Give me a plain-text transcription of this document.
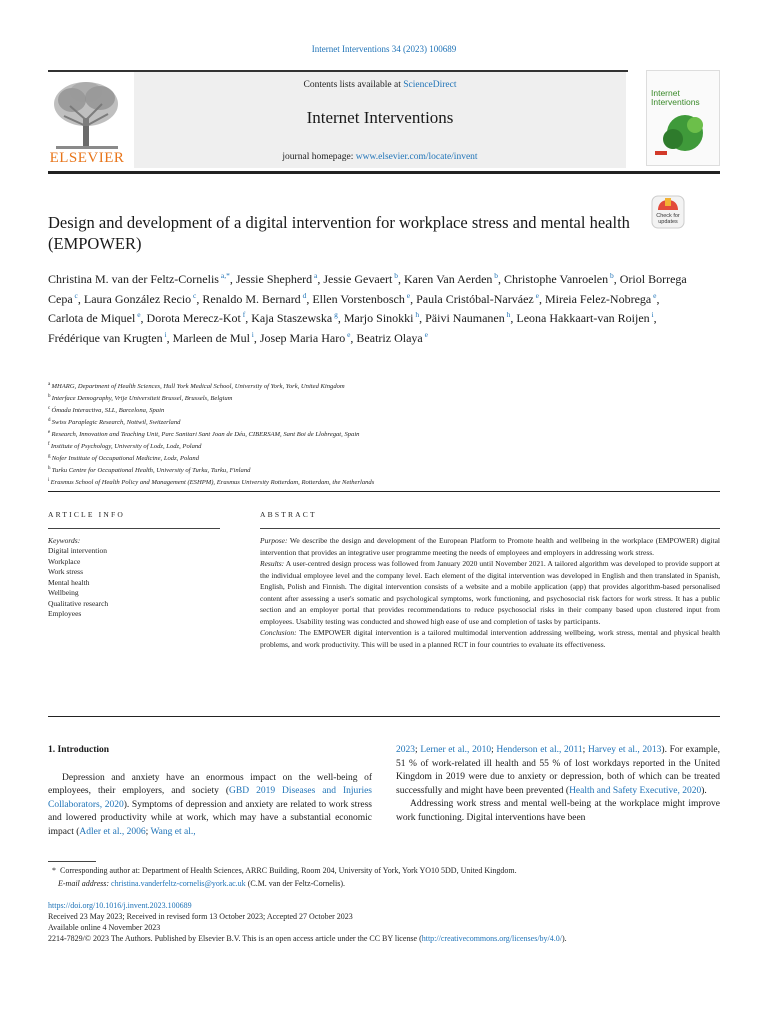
Internet Interventions 34 (2023) 100689
ELSEVIER
Contents lists available at ScienceDirect
Internet Interventions
journal homepage: www.elsevier.com/locate/invent
Internet
Interventions
Design and development of a digital intervention for workplace stress and mental health (EMPOWER)
Check for
updates
Christina M. van der Feltz-Cornelis $^{a,*}$, Jessie Shepherd $^a$, Jessie Gevaert $^b$, Karen Van Aerden $^b$, Christophe Vanroelen $^b$, Oriol Borrega Cepa $^c$, Laura González Recio $^c$, Renaldo M. Bernard $^d$, Ellen Vorstenbosch $^e$, Paula Cristóbal-Narváez $^e$, Mireia Felez-Nobrega $^e$, Carlota de Miquel $^e$, Dorota Merecz-Kot $^f$, Kaja Staszewska $^g$, Marjo Sinokki $^h$, Päivi Naumanen $^h$, Leona Hakkaart-van Roijen $^i$, Frédérique van Krugten $^i$, Marleen de Mul $^i$, Josep Maria Haro $^e$, Beatriz Olaya $^e$
$^a$ MHARG, Department of Health Sciences, Hull York Medical School, University of York, York, United Kingdom
$^b$ Interface Demography, Vrije Universiteit Brussel, Brussels, Belgium
$^c$ Ómada Interactiva, SLL, Barcelona, Spain
$^d$ Swiss Paraplegic Research, Nottwil, Switzerland
$^e$ Research, Innovation and Teaching Unit, Parc Sanitari Sant Joan de Déu, CIBERSAM, Sant Boi de Llobregat, Spain
$^f$ Institute of Psychology, University of Lodz, Lodz, Poland
$^g$ Nofer Institute of Occupational Medicine, Lodz, Poland
$^h$ Turku Centre for Occupational Health, University of Turku, Turku, Finland
$^i$ Erasmus School of Health Policy and Management (ESHPM), Erasmus University Rotterdam, Rotterdam, the Netherlands
ARTICLE INFO	ABSTRACT
Keywords:
Digital intervention
Workplace
Work stress
Mental health
Wellbeing
Qualitative research
Employees

Purpose: We describe the design and development of the European Platform to Promote health and wellbeing in the workplace (EMPOWER) digital intervention that provides an integrative user programme meeting the needs of employees and employers in addressing work stress.

Results: A user-centred design process was followed from January 2020 until November 2021. A tailored algorithm was developed to provide support at the individual employee level and the company level. Each element of the digital intervention was developed in English and then translated in Spanish, English, Polish and Finnish. The digital intervention consists of a website and a mobile application (app) that provides algorithm-based personalised content after assessing a user's somatic and psychological symptoms, work functioning, and psychosocial risk factors for work stress. It has a public section and an employer portal that provides recommendations to reduce psychosocial risks in their company based upon clustered input from employees. Usability testing was conducted and showed high ease of use and completion of tasks by participants.

Conclusion: The EMPOWER digital intervention is a tailored multimodal intervention addressing wellbeing, work stress, mental and physical health problems, and work productivity. This will be used in a planned RCT in four countries to evaluate its effectiveness.

1. Introduction

Depression and anxiety have an enormous impact on the well-being of employees, their employers, and society (GBD 2019 Diseases and Injuries Collaborators, 2020). Symptoms of depression and anxiety are related to work stress and lowered productivity while at work, which may have a substantial economic impact (Adler et al., 2006; Wang et al.,

2023; Lerner et al., 2010; Henderson et al., 2011; Harvey et al., 2013). For example, 51 % of work-related ill health and 55 % of lost workdays reported in the United Kingdom in 2019 were due to anxiety or depression, both of which can be treated successfully and might have been prevented (Health and Safety Executive, 2020).

Addressing work stress and mental well-being at the workplace might improve work functioning. Digital interventions have been

* Corresponding author at: Department of Health Sciences, ARRC Building, Room 204, University of York, York YO10 5DD, United Kingdom.
E-mail address: christina.vanderfeltz-cornelis@york.ac.uk (C.M. van der Feltz-Cornelis).
https://doi.org/10.1016/j.invent.2023.100689
Received 23 May 2023; Received in revised form 13 October 2023; Accepted 27 October 2023
Available online 4 November 2023
2214-7829/© 2023 The Authors. Published by Elsevier B.V. This is an open access article under the CC BY license (http://creativecommons.org/licenses/by/4.0/).
